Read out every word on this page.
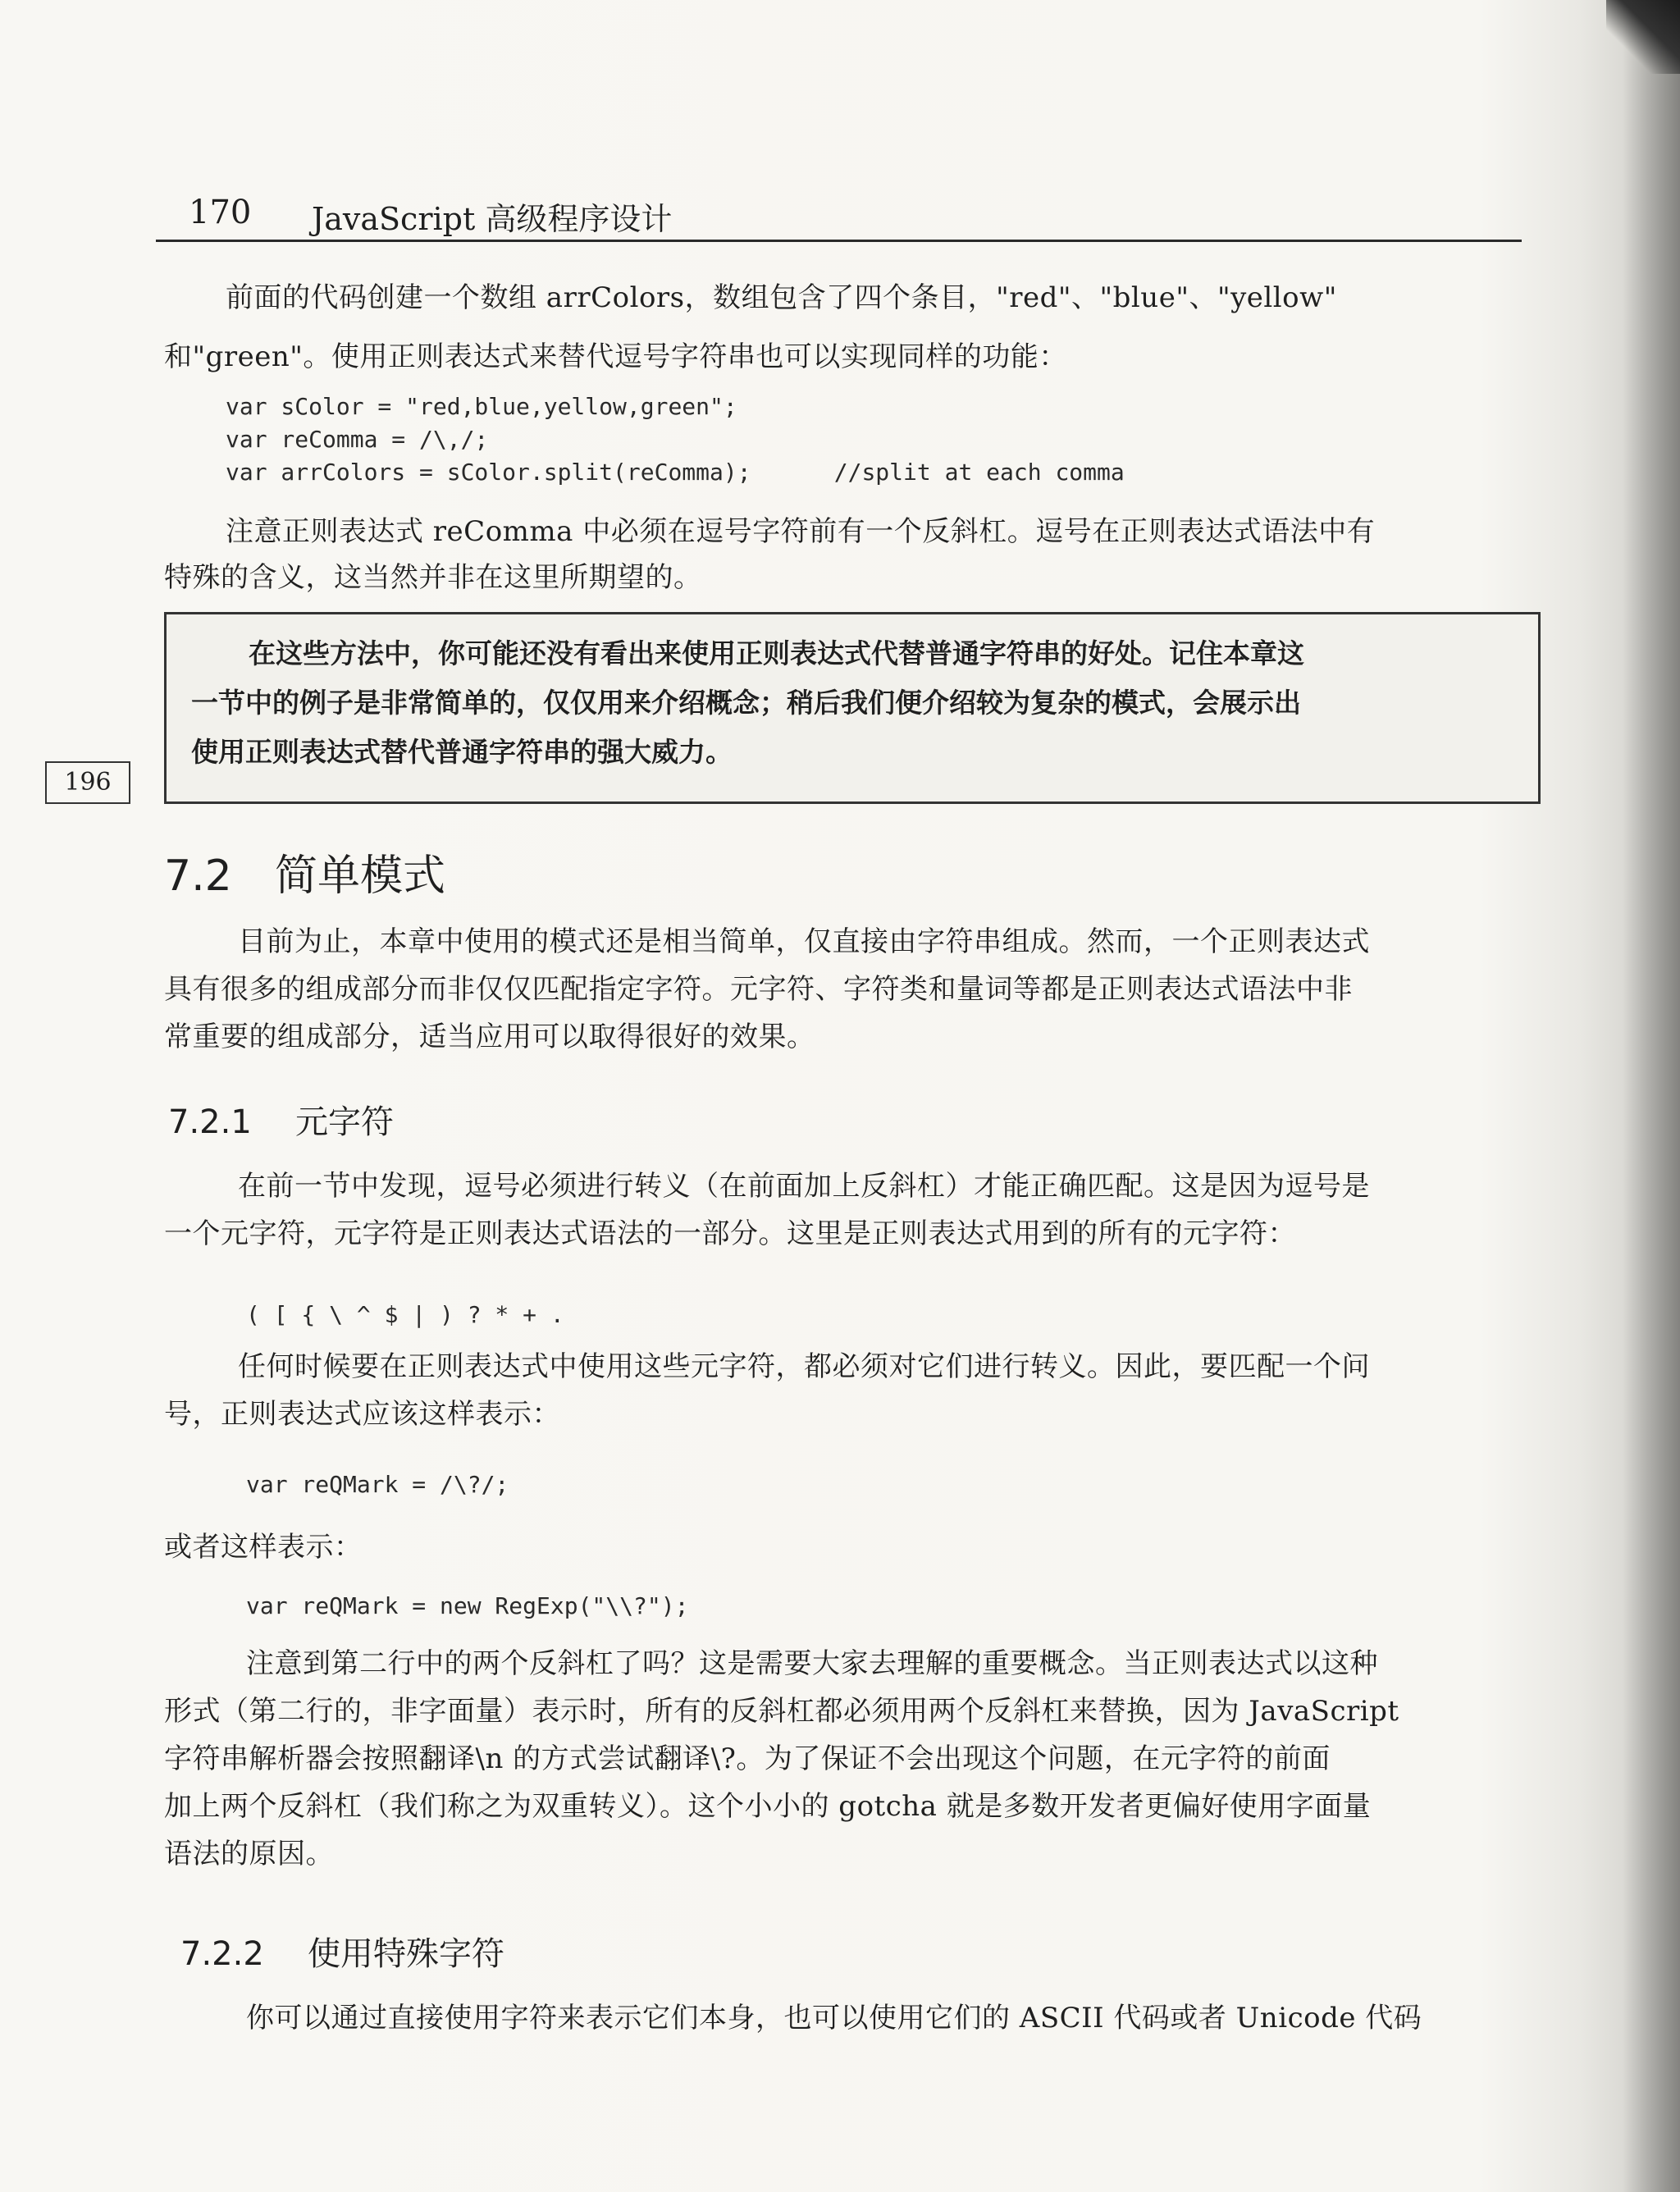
170 JavaScript 高级程序设计
前面的代码创建一个数组 arrColors，数组包含了四个条目，"red"、"blue"、"yellow"
和"green"。使用正则表达式来替代逗号字符串也可以实现同样的功能：
var sColor = "red,blue,yellow,green";
var reComma = /\,/;
var arrColors = sColor.split(reComma);      //split at each comma
注意正则表达式 reComma 中必须在逗号字符前有一个反斜杠。逗号在正则表达式语法中有
特殊的含义，这当然并非在这里所期望的。
在这些方法中，你可能还没有看出来使用正则表达式代替普通字符串的好处。记住本章这
一节中的例子是非常简单的，仅仅用来介绍概念；稍后我们便介绍较为复杂的模式，会展示出
使用正则表达式替代普通字符串的强大威力。
196
7.2 简单模式
目前为止，本章中使用的模式还是相当简单，仅直接由字符串组成。然而，一个正则表达式
具有很多的组成部分而非仅仅匹配指定字符。元字符、字符类和量词等都是正则表达式语法中非
常重要的组成部分，适当应用可以取得很好的效果。
7.2.1 元字符
在前一节中发现，逗号必须进行转义（在前面加上反斜杠）才能正确匹配。这是因为逗号是
一个元字符，元字符是正则表达式语法的一部分。这里是正则表达式用到的所有的元字符：
( [ { \ ^ $ | ) ? * + .
任何时候要在正则表达式中使用这些元字符，都必须对它们进行转义。因此，要匹配一个问
号，正则表达式应该这样表示：
var reQMark = /\?/;
或者这样表示：
var reQMark = new RegExp("\\?");
注意到第二行中的两个反斜杠了吗？这是需要大家去理解的重要概念。当正则表达式以这种
形式（第二行的，非字面量）表示时，所有的反斜杠都必须用两个反斜杠来替换，因为 JavaScript
字符串解析器会按照翻译\n 的方式尝试翻译\?。为了保证不会出现这个问题，在元字符的前面
加上两个反斜杠（我们称之为双重转义）。这个小小的 gotcha 就是多数开发者更偏好使用字面量
语法的原因。
7.2.2 使用特殊字符
你可以通过直接使用字符来表示它们本身，也可以使用它们的 ASCII 代码或者 Unicode 代码
